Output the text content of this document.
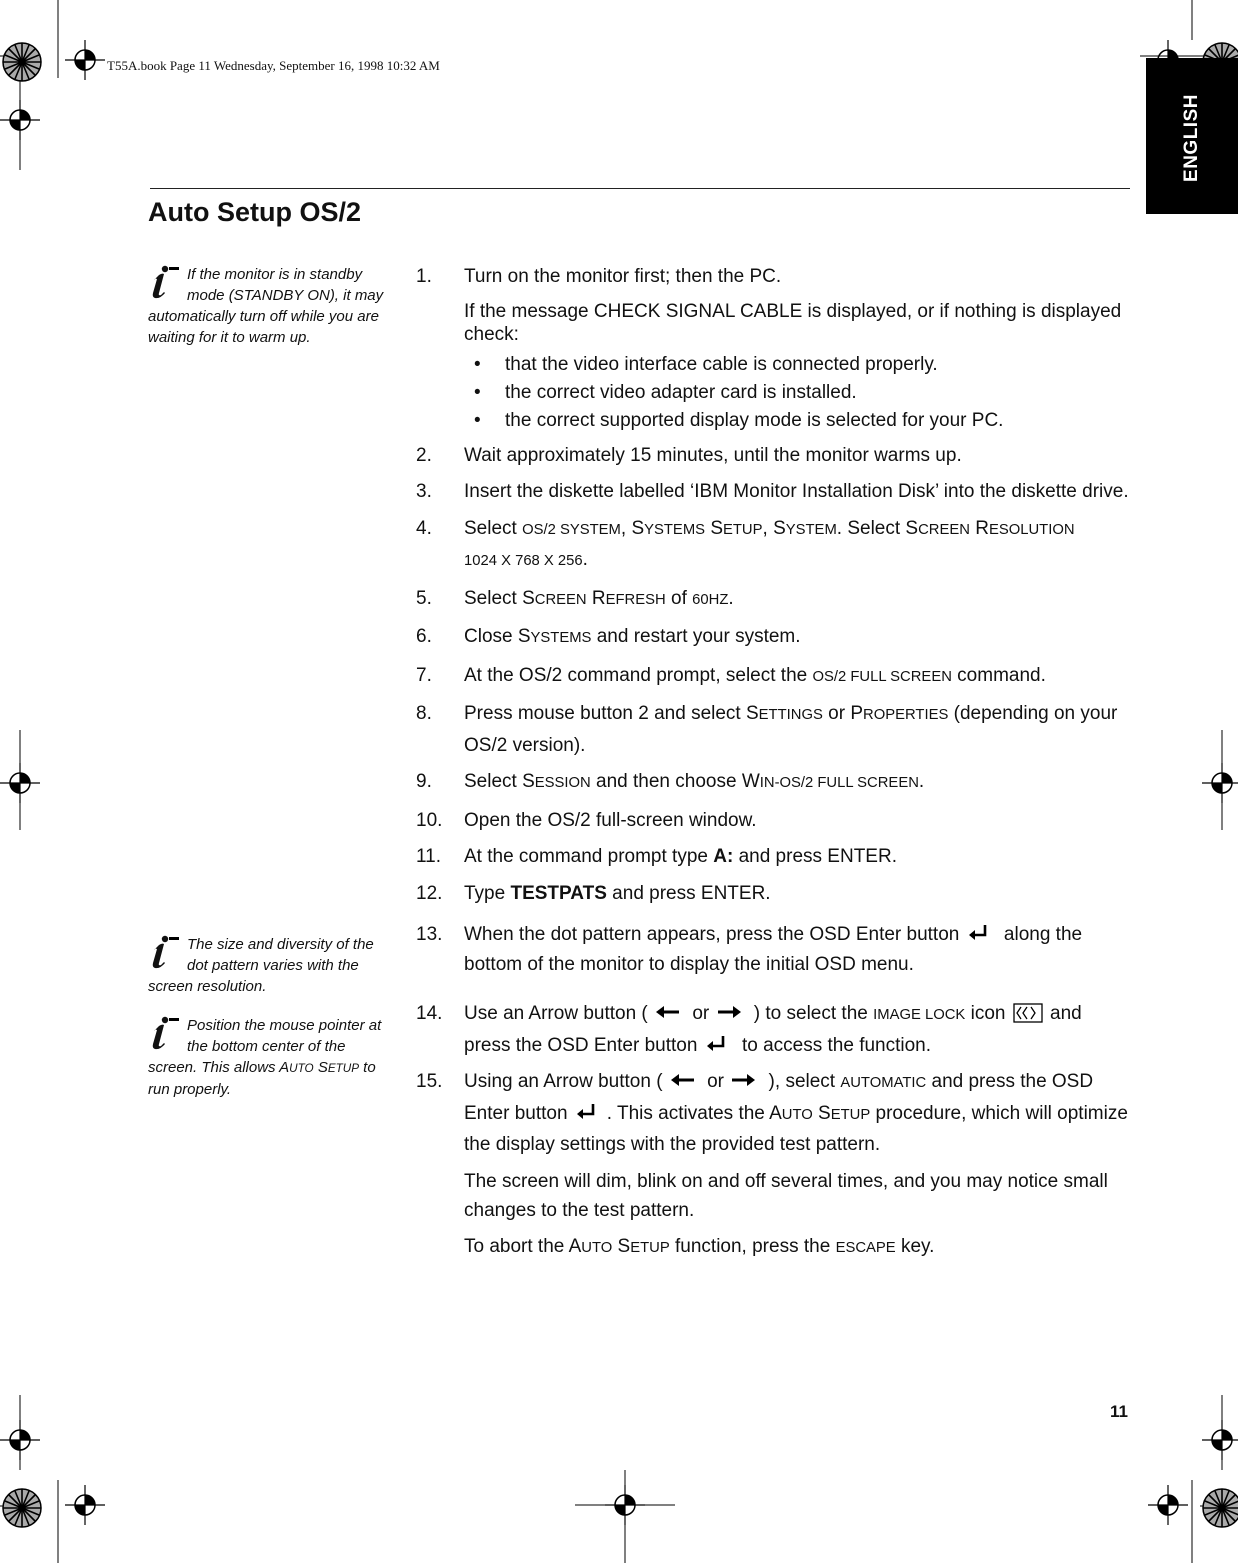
T55A.book Page 11 Wednesday, September 16, 1998 10:32 AM
ENGLISH
Auto Setup OS/2
If the monitor is in standby mode (STANDBY ON), it may automatically turn off while you are waiting for it to warm up.
The size and diversity of the dot pattern varies with the screen resolution.
Position the mouse pointer at the bottom center of the screen. This allows AUTO SETUP to run properly.
1. Turn on the monitor first; then the PC.
If the message CHECK SIGNAL CABLE is displayed, or if nothing is displayed check:
• that the video interface cable is connected properly.
• the correct video adapter card is installed.
• the correct supported display mode is selected for your PC.
2. Wait approximately 15 minutes, until the monitor warms up.
3. Insert the diskette labelled ‘IBM Monitor Installation Disk’ into the diskette drive.
4. Select OS/2 SYSTEM, SYSTEMS SETUP, SYSTEM. Select SCREEN RESOLUTION
1024 X 768 X 256.
5. Select SCREEN REFRESH of 60HZ.
6. Close SYSTEMS and restart your system.
7. At the OS/2 command prompt, select the OS/2 FULL SCREEN command.
8. Press mouse button 2 and select SETTINGS or PROPERTIES (depending on your OS/2 version).
9. Select SESSION and then choose WIN-OS/2 FULL SCREEN.
10. Open the OS/2 full-screen window.
11. At the command prompt type A: and press ENTER.
12. Type TESTPATS and press ENTER.
13. When the dot pattern appears, press the OSD Enter button
along the bottom of the monitor to display the initial OSD menu.
14. Use an Arrow button (
or
) to select the IMAGE LOCK icon
and press the OSD Enter button
to access the function.
15. Using an Arrow button (
or
), select AUTOMATIC and press the OSD Enter button
. This activates the AUTO SETUP procedure, which will optimize the display settings with the provided test pattern.
The screen will dim, blink on and off several times, and you may notice small changes to the test pattern.
To abort the AUTO SETUP function, press the ESCAPE key.
11
